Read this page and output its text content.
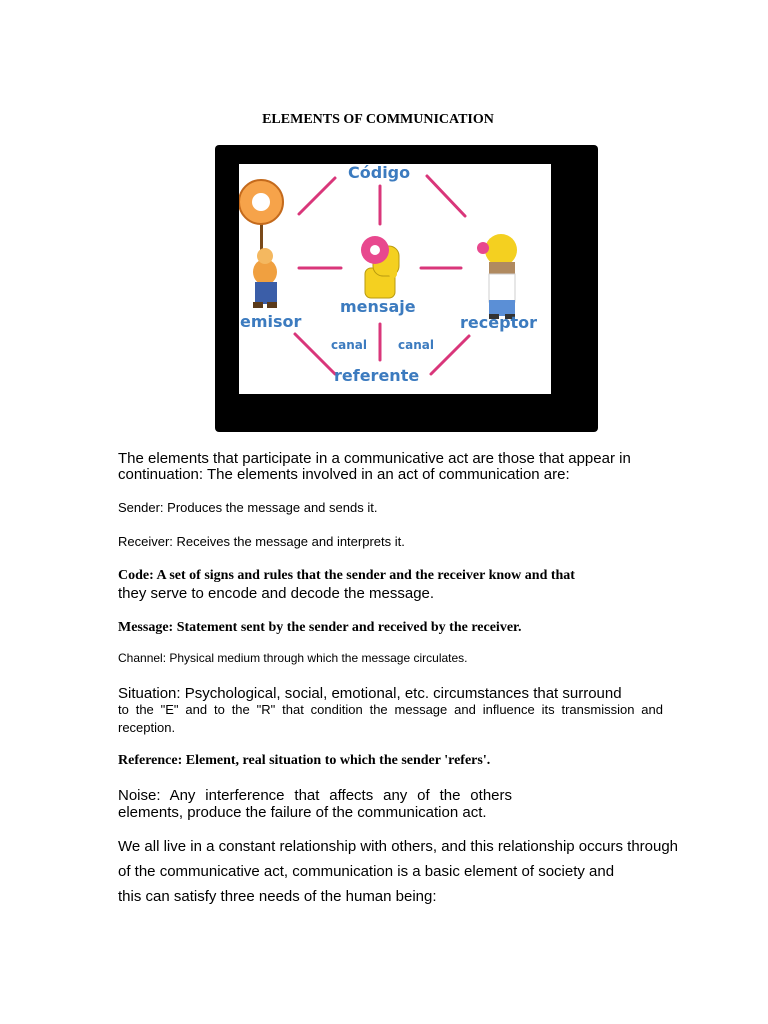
ELEMENTS OF COMMUNICATION
Código
mensaje
emisor	receptor
canal	canal
referente
The elements that participate in a communicative act are those that appear in
continuation: The elements involved in an act of communication are:
Sender: Produces the message and sends it.
Receiver: Receives the message and interprets it.
Code: A set of signs and rules that the sender and the receiver know and that
they serve to encode and decode the message.
Message: Statement sent by the sender and received by the receiver.
Channel: Physical medium through which the message circulates.
Situation: Psychological, social, emotional, etc. circumstances that surround
to the "E" and to the "R" that condition the message and influence its transmission and
reception.
Reference: Element, real situation to which the sender 'refers'.
Noise: Any interference that affects any of the others
elements, produce the failure of the communication act.
We all live in a constant relationship with others, and this relationship occurs through
of the communicative act, communication is a basic element of society and
this can satisfy three needs of the human being:
